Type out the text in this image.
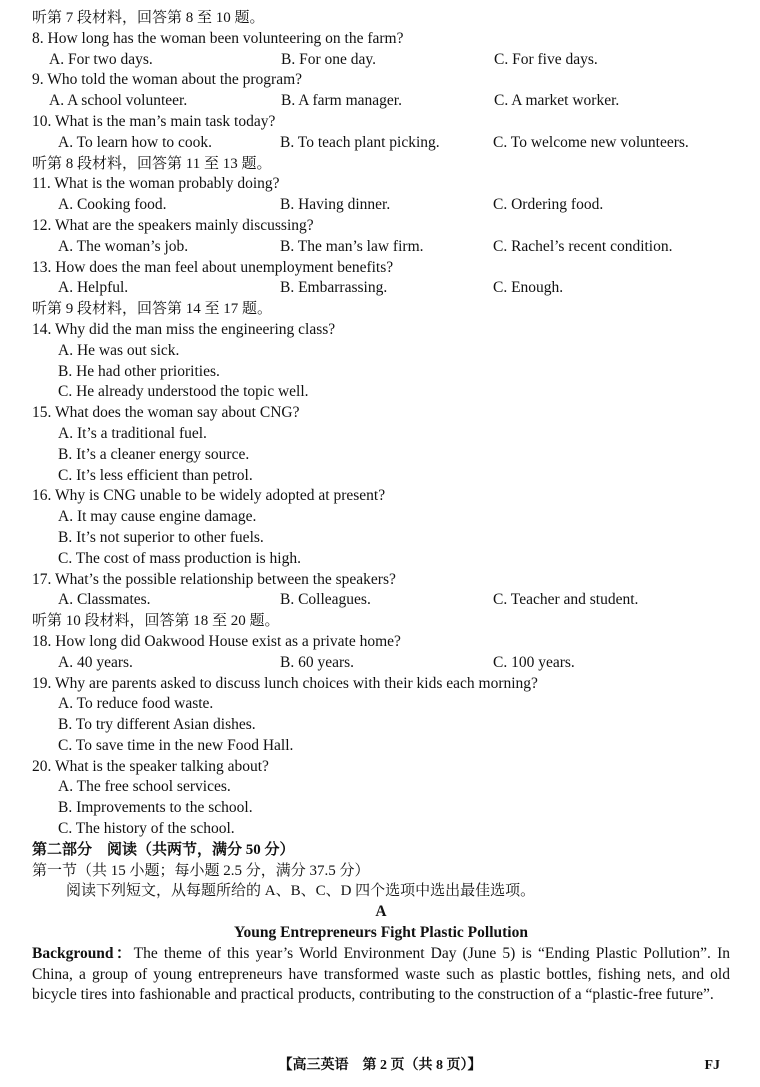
听第 7 段材料，回答第 8 至 10 题。
8. How long has the woman been volunteering on the farm?
A. For two days.	B. For one day.	C. For five days.
9. Who told the woman about the program?
A. A school volunteer.	B. A farm manager.	C. A market worker.
10. What is the man’s main task today?
A. To learn how to cook.	B. To teach plant picking.	C. To welcome new volunteers.
听第 8 段材料，回答第 11 至 13 题。
11. What is the woman probably doing?
A. Cooking food.	B. Having dinner.	C. Ordering food.
12. What are the speakers mainly discussing?
A. The woman’s job.	B. The man’s law firm.	C. Rachel’s recent condition.
13. How does the man feel about unemployment benefits?
A. Helpful.	B. Embarrassing.	C. Enough.
听第 9 段材料，回答第 14 至 17 题。
14. Why did the man miss the engineering class?
A. He was out sick.
B. He had other priorities.
C. He already understood the topic well.
15. What does the woman say about CNG?
A. It’s a traditional fuel.
B. It’s a cleaner energy source.
C. It’s less efficient than petrol.
16. Why is CNG unable to be widely adopted at present?
A. It may cause engine damage.
B. It’s not superior to other fuels.
C. The cost of mass production is high.
17. What’s the possible relationship between the speakers?
A. Classmates.	B. Colleagues.	C. Teacher and student.
听第 10 段材料，回答第 18 至 20 题。
18. How long did Oakwood House exist as a private home?
A. 40 years.	B. 60 years.	C. 100 years.
19. Why are parents asked to discuss lunch choices with their kids each morning?
A. To reduce food waste.
B. To try different Asian dishes.
C. To save time in the new Food Hall.
20. What is the speaker talking about?
A. The free school services.
B. Improvements to the school.
C. The history of the school.
第二部分　阅读（共两节，满分 50 分）
第一节（共 15 小题；每小题 2.5 分，满分 37.5 分）
阅读下列短文，从每题所给的 A、B、C、D 四个选项中选出最佳选项。
A
Young Entrepreneurs Fight Plastic Pollution
Background：The theme of this year’s World Environment Day (June 5) is “Ending Plastic Pollution”. In China, a group of young entrepreneurs have transformed waste such as plastic bottles, fishing nets, and old bicycle tires into fashionable and practical products, contributing to the construction of a “plastic-free future”.
【高三英语　第 2 页（共 8 页）】	FJ
